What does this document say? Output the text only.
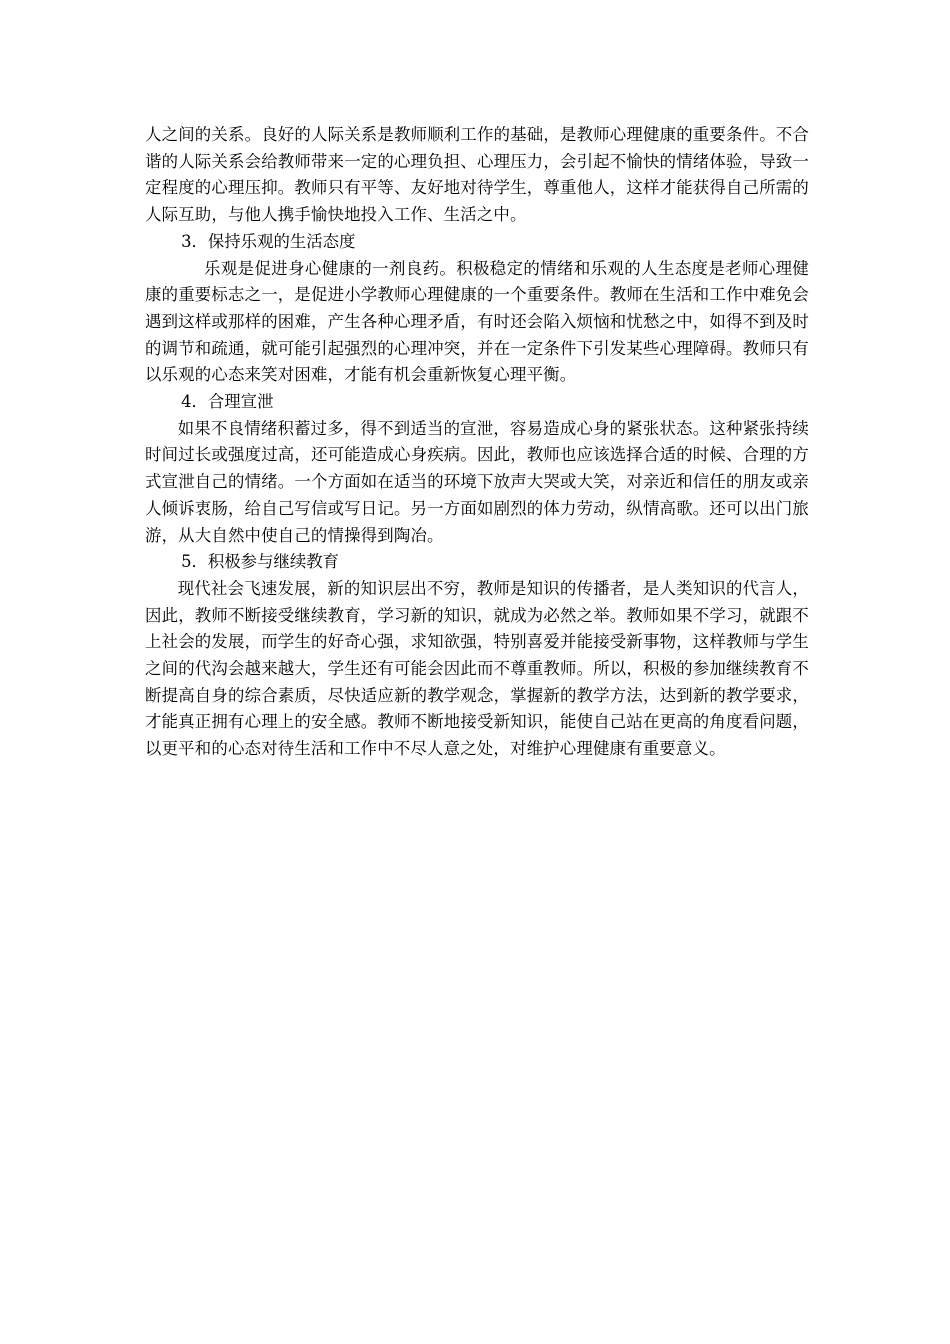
人之间的关系。良好的人际关系是教师顺利工作的基础，是教师心理健康的重要条件。不合谐的人际关系会给教师带来一定的心理负担、心理压力，会引起不愉快的情绪体验，导致一定程度的心理压抑。教师只有平等、友好地对待学生，尊重他人，这样才能获得自己所需的人际互助，与他人携手愉快地投入工作、生活之中。

3．保持乐观的生活态度

乐观是促进身心健康的一剂良药。积极稳定的情绪和乐观的人生态度是老师心理健康的重要标志之一，是促进小学教师心理健康的一个重要条件。教师在生活和工作中难免会遇到这样或那样的困难，产生各种心理矛盾，有时还会陷入烦恼和忧愁之中，如得不到及时的调节和疏通，就可能引起强烈的心理冲突，并在一定条件下引发某些心理障碍。教师只有以乐观的心态来笑对困难，才能有机会重新恢复心理平衡。

4．合理宣泄

如果不良情绪积蓄过多，得不到适当的宣泄，容易造成心身的紧张状态。这种紧张持续时间过长或强度过高，还可能造成心身疾病。因此，教师也应该选择合适的时候、合理的方式宣泄自己的情绪。一个方面如在适当的环境下放声大哭或大笑，对亲近和信任的朋友或亲人倾诉衷肠，给自己写信或写日记。另一方面如剧烈的体力劳动，纵情高歌。还可以出门旅游，从大自然中使自己的情操得到陶冶。

5．积极参与继续教育

现代社会飞速发展，新的知识层出不穷，教师是知识的传播者，是人类知识的代言人，因此，教师不断接受继续教育，学习新的知识，就成为必然之举。教师如果不学习，就跟不上社会的发展，而学生的好奇心强，求知欲强，特别喜爱并能接受新事物，这样教师与学生之间的代沟会越来越大，学生还有可能会因此而不尊重教师。所以，积极的参加继续教育不断提高自身的综合素质，尽快适应新的教学观念，掌握新的教学方法，达到新的教学要求，才能真正拥有心理上的安全感。教师不断地接受新知识，能使自己站在更高的角度看问题，以更平和的心态对待生活和工作中不尽人意之处，对维护心理健康有重要意义。
